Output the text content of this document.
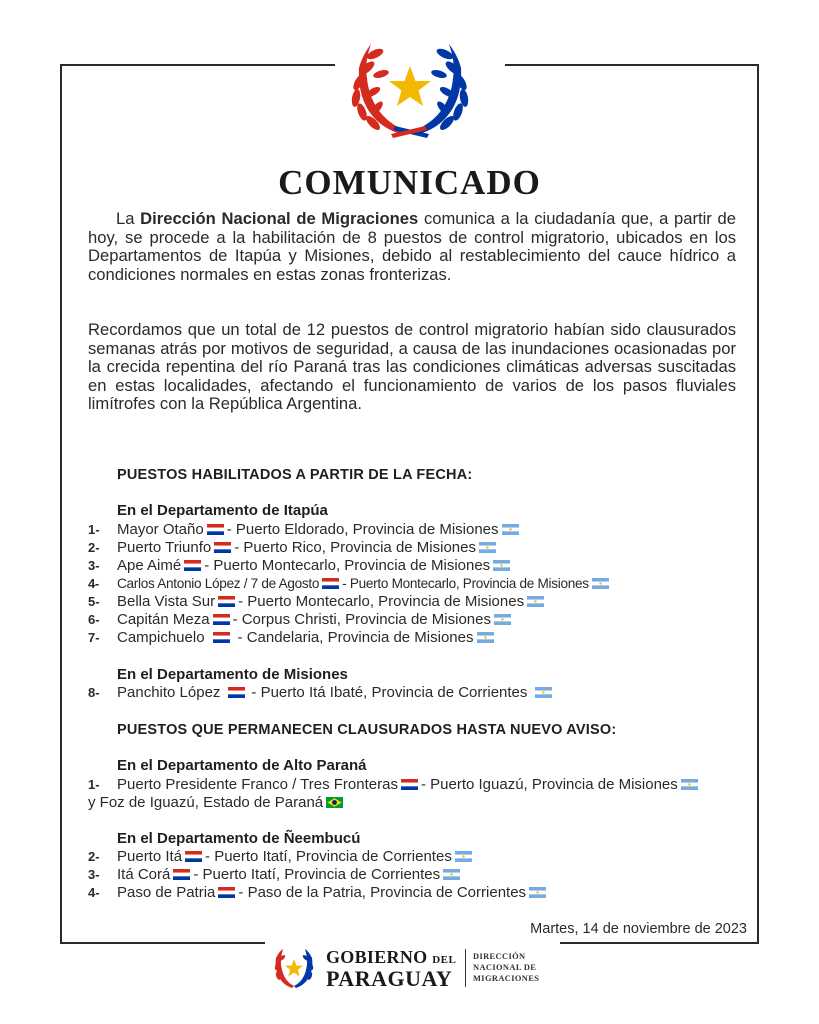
COMUNICADO
La Dirección Nacional de Migraciones comunica a la ciudadanía que, a partir de hoy, se procede a la habilitación de 8 puestos de control migratorio, ubicados en los Departamentos de Itapúa y Misiones, debido al restablecimiento del cauce hídrico a condiciones normales en estas zonas fronterizas.
Recordamos que un total de 12 puestos de control migratorio habían sido clausurados semanas atrás por motivos de seguridad, a causa de las inundaciones ocasionadas por la crecida repentina del río Paraná tras las condiciones climáticas adversas suscitadas en estas localidades, afectando el funcionamiento de varios de los pasos fluviales limítrofes con la República Argentina.
PUESTOS HABILITADOS A PARTIR DE LA FECHA:
En el Departamento de Itapúa
1- Mayor Otaño - Puerto Eldorado, Provincia de Misiones
2- Puerto Triunfo - Puerto Rico, Provincia de Misiones
3- Ape Aimé - Puerto Montecarlo, Provincia de Misiones
4- Carlos Antonio López / 7 de Agosto - Puerto Montecarlo, Provincia de Misiones
5- Bella Vista Sur - Puerto Montecarlo, Provincia de Misiones
6- Capitán Meza - Corpus Christi, Provincia de Misiones
7- Campichuelo - Candelaria, Provincia de Misiones
En el Departamento de Misiones
8- Panchito López - Puerto Itá Ibaté, Provincia de Corrientes
PUESTOS QUE PERMANECEN CLAUSURADOS HASTA NUEVO AVISO:
En el Departamento de Alto Paraná
1- Puerto Presidente Franco / Tres Fronteras - Puerto Iguazú, Provincia de Misiones
y Foz de Iguazú, Estado de Paraná
En el Departamento de Ñeembucú
2- Puerto Itá - Puerto Itatí, Provincia de Corrientes
3- Itá Corá - Puerto Itatí, Provincia de Corrientes
4- Paso de Patria - Paso de la Patria, Provincia de Corrientes
Martes, 14 de noviembre de 2023
GOBIERNO DEL
PARAGUAY
DIRECCIÓN
NACIONAL DE
MIGRACIONES
